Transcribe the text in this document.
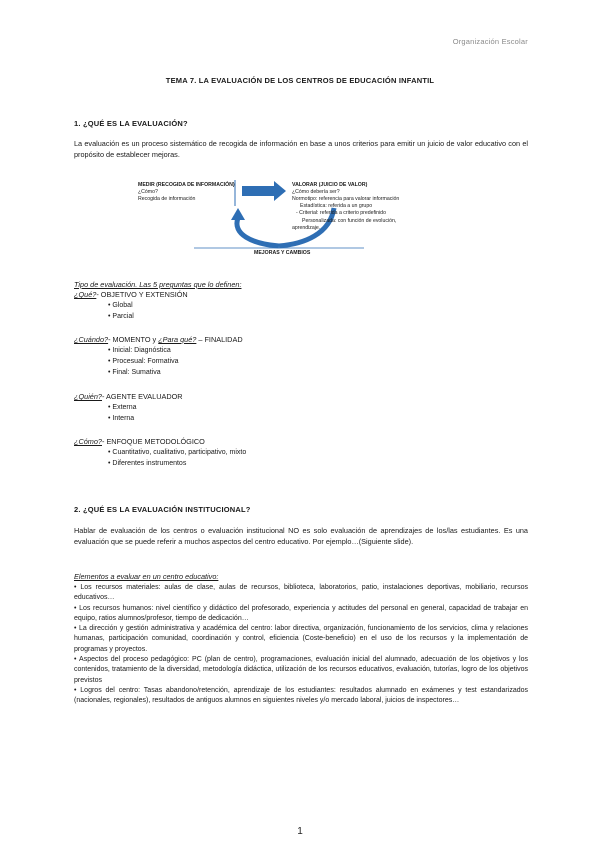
Organización Escolar
TEMA 7. LA EVALUACIÓN DE LOS CENTROS DE EDUCACIÓN INFANTIL
1. ¿QUÉ ES LA EVALUACIÓN?
La evaluación es un proceso sistemático de recogida de información en base a unos criterios para emitir un juicio de valor educativo con el propósito de establecer mejoras.
MEDIR (RECOGIDA DE INFORMACIÓN)
¿Cómo?
Recogida de información
VALORAR (JUICIO DE VALOR)
¿Cómo debería ser?
Normotipo: referencia para valorar información
Estadística: referida a un grupo
- Criterial: referida a criterio predefinido
Personalizada: con función de evolución,
aprendizaje.
MEJORAS Y CAMBIOS
Tipo de evaluación. Las 5 preguntas que lo definen:
¿Qué?- OBJETIVO Y EXTENSIÓN
• Global
• Parcial
¿Cuándo?- MOMENTO y ¿Para qué? – FINALIDAD
• Inicial: Diagnóstica
• Procesual: Formativa
• Final: Sumativa
¿Quién?- AGENTE EVALUADOR
• Externa
• Interna
¿Cómo?- ENFOQUE METODOLÓGICO
• Cuantitativo, cualitativo, participativo, mixto
• Diferentes instrumentos
2. ¿QUÉ ES LA EVALUACIÓN INSTITUCIONAL?
Hablar de evaluación de los centros o evaluación institucional NO es solo evaluación de aprendizajes de los/las estudiantes. Es una evaluación que se puede referir a muchos aspectos del centro educativo. Por ejemplo…(Siguiente slide).
Elementos a evaluar en un centro educativo:

• Los recursos materiales: aulas de clase, aulas de recursos, biblioteca, laboratorios, patio, instalaciones deportivas, mobiliario, recursos educativos…

• Los recursos humanos: nivel científico y didáctico del profesorado, experiencia y actitudes del personal en general, capacidad de trabajar en equipo, ratios alumnos/profesor, tiempo de dedicación…

• La dirección y gestión administrativa y académica del centro: labor directiva, organización, funcionamiento de los servicios, clima y relaciones humanas, participación comunidad, coordinación y control, eficiencia (Coste-beneficio) en el uso de los recursos y la implementación de programas y proyectos.

• Aspectos del proceso pedagógico: PC (plan de centro), programaciones, evaluación inicial del alumnado, adecuación de los objetivos y los contenidos, tratamiento de la diversidad, metodología didáctica, utilización de los recursos educativos, evaluación, tutorías, logro de los objetivos previstos

• Logros del centro: Tasas abandono/retención, aprendizaje de los estudiantes: resultados alumnado en exámenes y test estandarizados (nacionales, regionales), resultados de antiguos alumnos en siguientes niveles y/o mercado laboral, juicios de inspectores…

1
